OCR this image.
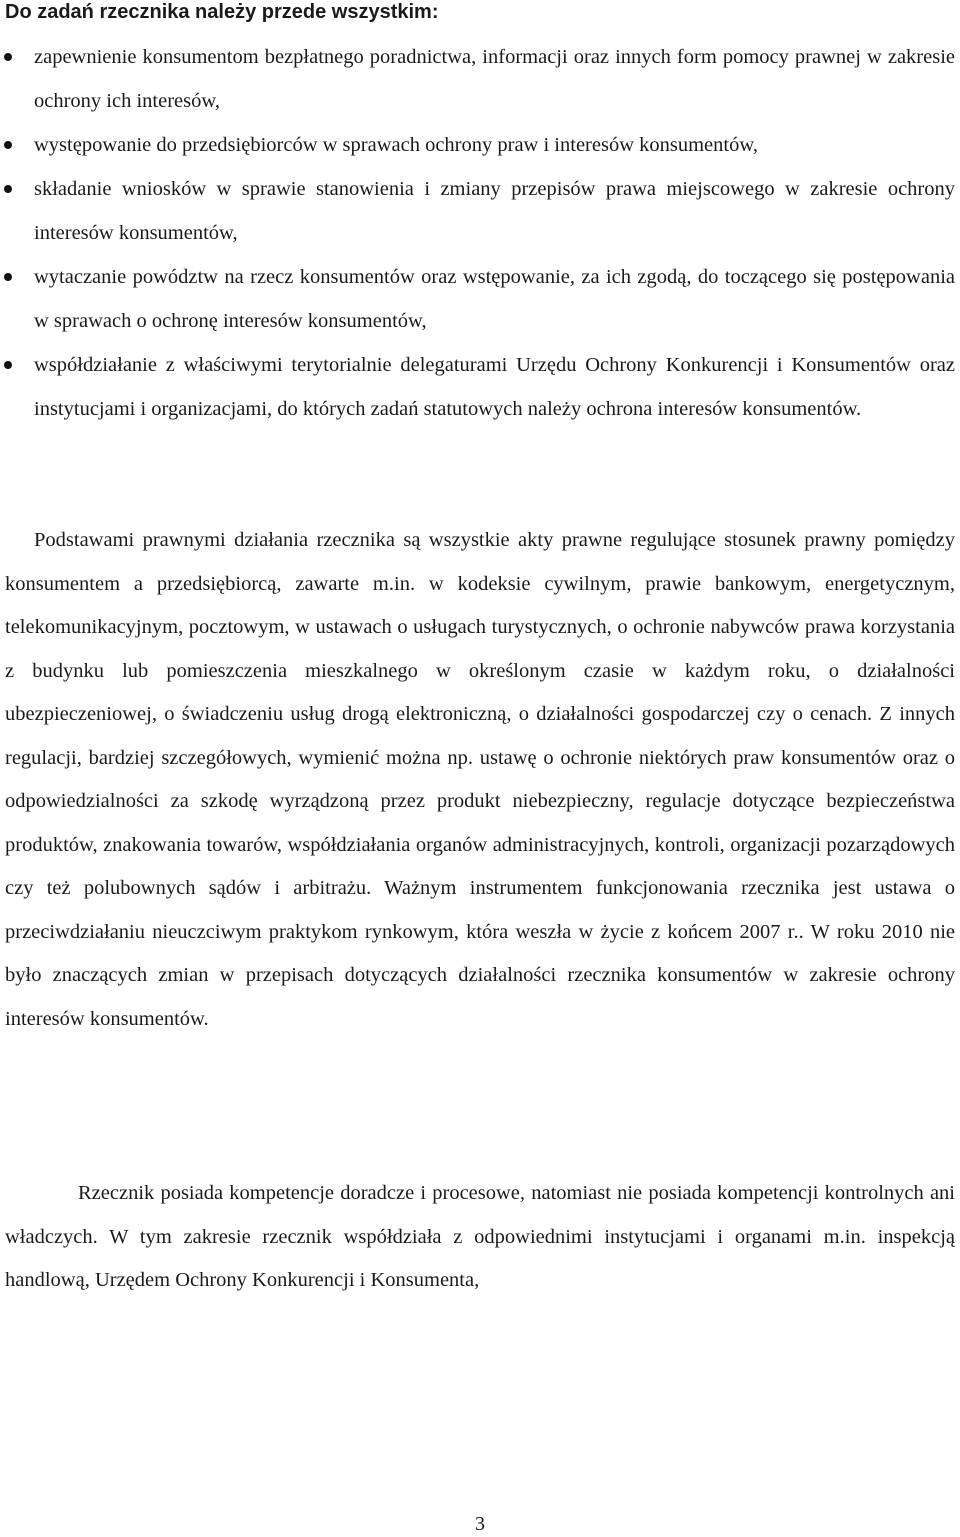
Do zadań rzecznika należy przede wszystkim:
zapewnienie konsumentom bezpłatnego poradnictwa, informacji oraz innych form pomocy prawnej w zakresie ochrony ich interesów,
występowanie do przedsiębiorców w sprawach ochrony praw i interesów konsumentów,
składanie wniosków w sprawie stanowienia i zmiany przepisów prawa miejscowego w zakresie ochrony interesów konsumentów,
wytaczanie powództw na rzecz konsumentów oraz wstępowanie, za ich zgodą, do toczącego się postępowania w sprawach o ochronę interesów konsumentów,
współdziałanie z właściwymi terytorialnie delegaturami Urzędu Ochrony Konkurencji i Konsumentów oraz instytucjami i organizacjami, do których zadań statutowych należy ochrona interesów konsumentów.

Podstawami prawnymi działania rzecznika są wszystkie akty prawne regulujące stosunek prawny pomiędzy konsumentem a przedsiębiorcą, zawarte m.in. w kodeksie cywilnym, prawie bankowym, energetycznym, telekomunikacyjnym, pocztowym, w ustawach o usługach turystycznych, o ochronie nabywców prawa korzystania z budynku lub pomieszczenia mieszkalnego w określonym czasie w każdym roku, o działalności ubezpieczeniowej, o świadczeniu usług drogą elektroniczną, o działalności gospodarczej czy o cenach. Z innych regulacji, bardziej szczegółowych, wymienić można np. ustawę o ochronie niektórych praw konsumentów oraz o odpowiedzialności za szkodę wyrządzoną przez produkt niebezpieczny, regulacje dotyczące bezpieczeństwa produktów, znakowania towarów, współdziałania organów administracyjnych, kontroli, organizacji pozarządowych czy też polubownych sądów i arbitrażu. Ważnym instrumentem funkcjonowania rzecznika jest ustawa o przeciwdziałaniu nieuczciwym praktykom rynkowym, która weszła w życie z końcem 2007 r.. W roku 2010 nie było znaczących zmian w przepisach dotyczących działalności rzecznika konsumentów w zakresie ochrony interesów konsumentów.

Rzecznik posiada kompetencje doradcze i procesowe, natomiast nie posiada kompetencji kontrolnych ani władczych. W tym zakresie rzecznik współdziała z odpowiednimi instytucjami i organami m.in. inspekcją handlową, Urzędem Ochrony Konkurencji i Konsumenta,

3
